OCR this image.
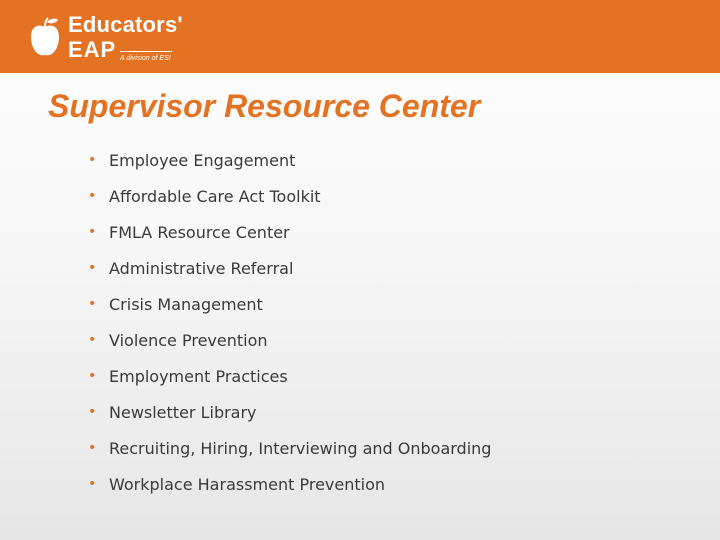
Educators'
EAP A division of ESI
Supervisor Resource Center
• Employee Engagement
• Affordable Care Act Toolkit
• FMLA Resource Center
• Administrative Referral
• Crisis Management
• Violence Prevention
• Employment Practices
• Newsletter Library
• Recruiting, Hiring, Interviewing and Onboarding
• Workplace Harassment Prevention
